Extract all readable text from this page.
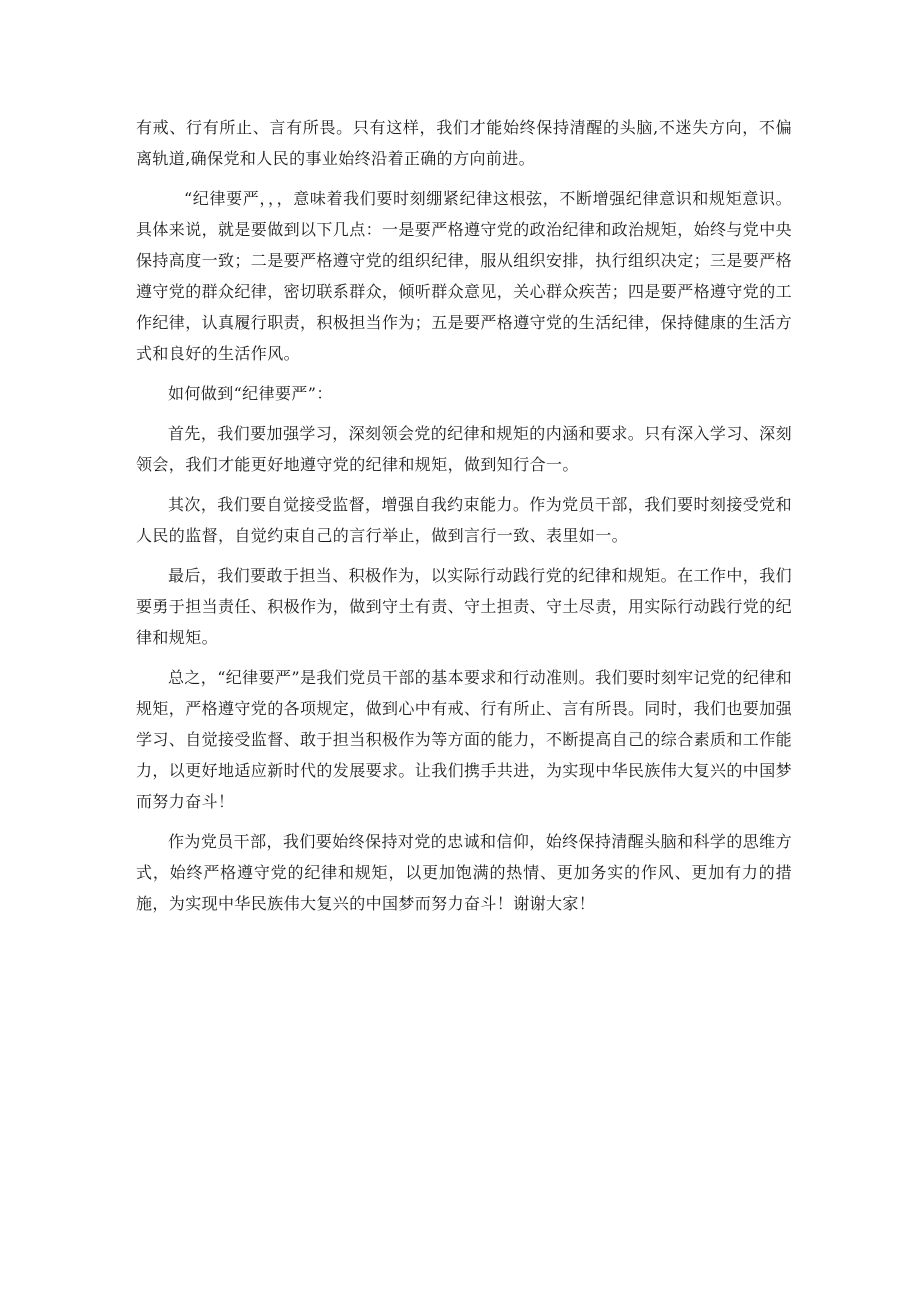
有戒、行有所止、言有所畏。只有这样，我们才能始终保持清醒的头脑,不迷失方向，不偏离轨道,确保党和人民的事业始终沿着正确的方向前进。

“纪律要严，，，意味着我们要时刻绷紧纪律这根弦，不断增强纪律意识和规矩意识。具体来说，就是要做到以下几点：一是要严格遵守党的政治纪律和政治规矩，始终与党中央保持高度一致；二是要严格遵守党的组织纪律，服从组织安排，执行组织决定；三是要严格遵守党的群众纪律，密切联系群众，倾听群众意见，关心群众疾苦；四是要严格遵守党的工作纪律，认真履行职责，积极担当作为；五是要严格遵守党的生活纪律，保持健康的生活方式和良好的生活作风。

如何做到“纪律要严”：

首先，我们要加强学习，深刻领会党的纪律和规矩的内涵和要求。只有深入学习、深刻领会，我们才能更好地遵守党的纪律和规矩，做到知行合一。

其次，我们要自觉接受监督，增强自我约束能力。作为党员干部，我们要时刻接受党和人民的监督，自觉约束自己的言行举止，做到言行一致、表里如一。

最后，我们要敢于担当、积极作为，以实际行动践行党的纪律和规矩。在工作中，我们要勇于担当责任、积极作为，做到守土有责、守土担责、守土尽责，用实际行动践行党的纪律和规矩。

总之，“纪律要严”是我们党员干部的基本要求和行动准则。我们要时刻牢记党的纪律和规矩，严格遵守党的各项规定，做到心中有戒、行有所止、言有所畏。同时，我们也要加强学习、自觉接受监督、敢于担当积极作为等方面的能力，不断提高自己的综合素质和工作能力，以更好地适应新时代的发展要求。让我们携手共进，为实现中华民族伟大复兴的中国梦而努力奋斗！

作为党员干部，我们要始终保持对党的忠诚和信仰，始终保持清醒头脑和科学的思维方式，始终严格遵守党的纪律和规矩，以更加饱满的热情、更加务实的作风、更加有力的措施，为实现中华民族伟大复兴的中国梦而努力奋斗！谢谢大家！
